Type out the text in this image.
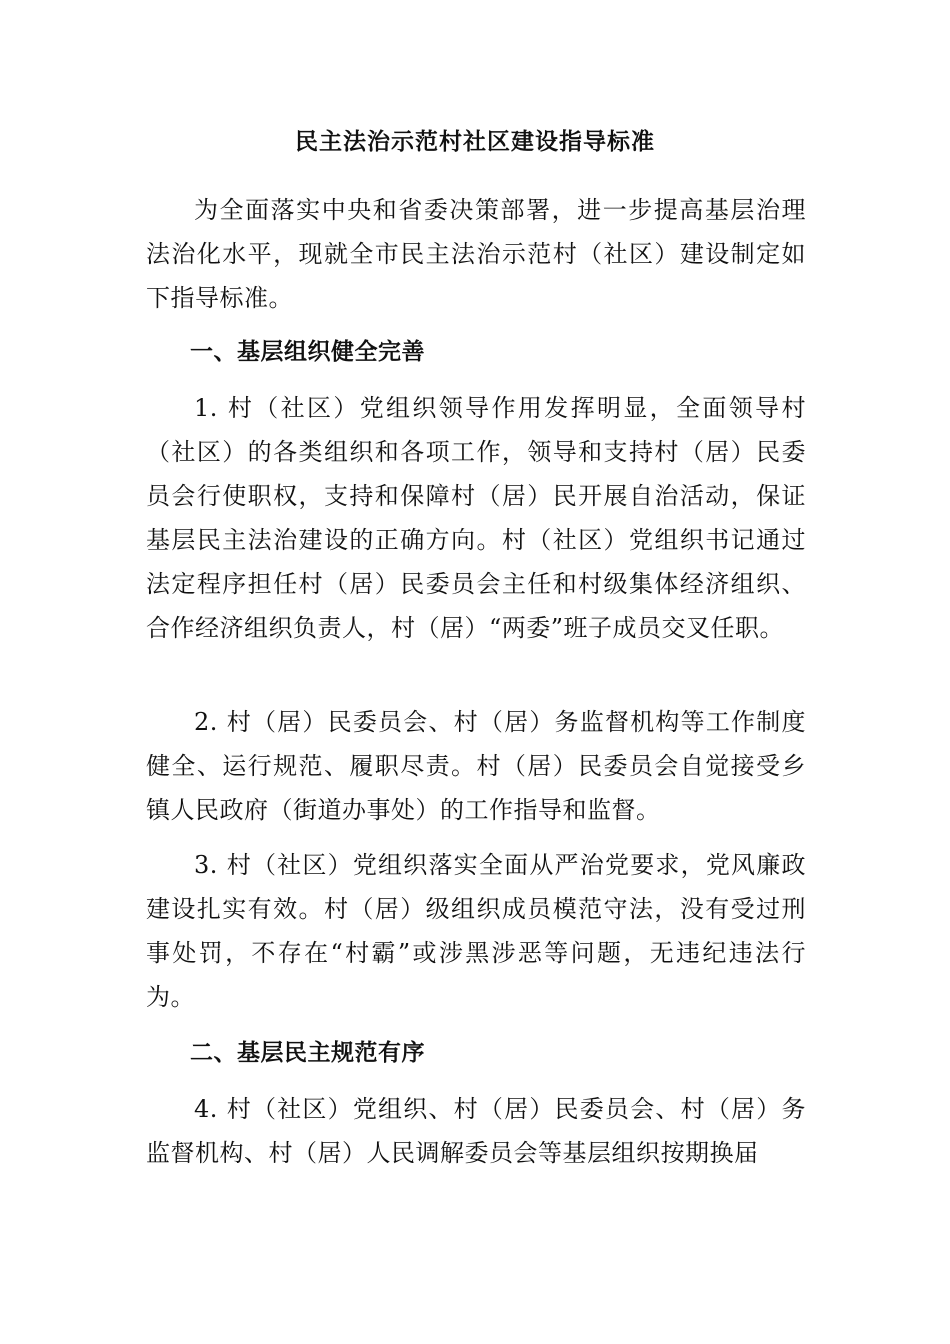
民主法治示范村社区建设指导标准
为全面落实中央和省委决策部署，进一步提高基层治理法治化水平，现就全市民主法治示范村（社区）建设制定如下指导标准。
一、基层组织健全完善
1. 村（社区）党组织领导作用发挥明显，全面领导村（社区）的各类组织和各项工作，领导和支持村（居）民委员会行使职权，支持和保障村（居）民开展自治活动，保证基层民主法治建设的正确方向。村（社区）党组织书记通过法定程序担任村（居）民委员会主任和村级集体经济组织、合作经济组织负责人，村（居）“两委”班子成员交叉任职。
2. 村（居）民委员会、村（居）务监督机构等工作制度健全、运行规范、履职尽责。村（居）民委员会自觉接受乡镇人民政府（街道办事处）的工作指导和监督。
3. 村（社区）党组织落实全面从严治党要求，党风廉政建设扎实有效。村（居）级组织成员模范守法，没有受过刑事处罚，不存在“村霸”或涉黑涉恶等问题，无违纪违法行为。
二、基层民主规范有序
4. 村（社区）党组织、村（居）民委员会、村（居）务监督机构、村（居）人民调解委员会等基层组织按期换届
